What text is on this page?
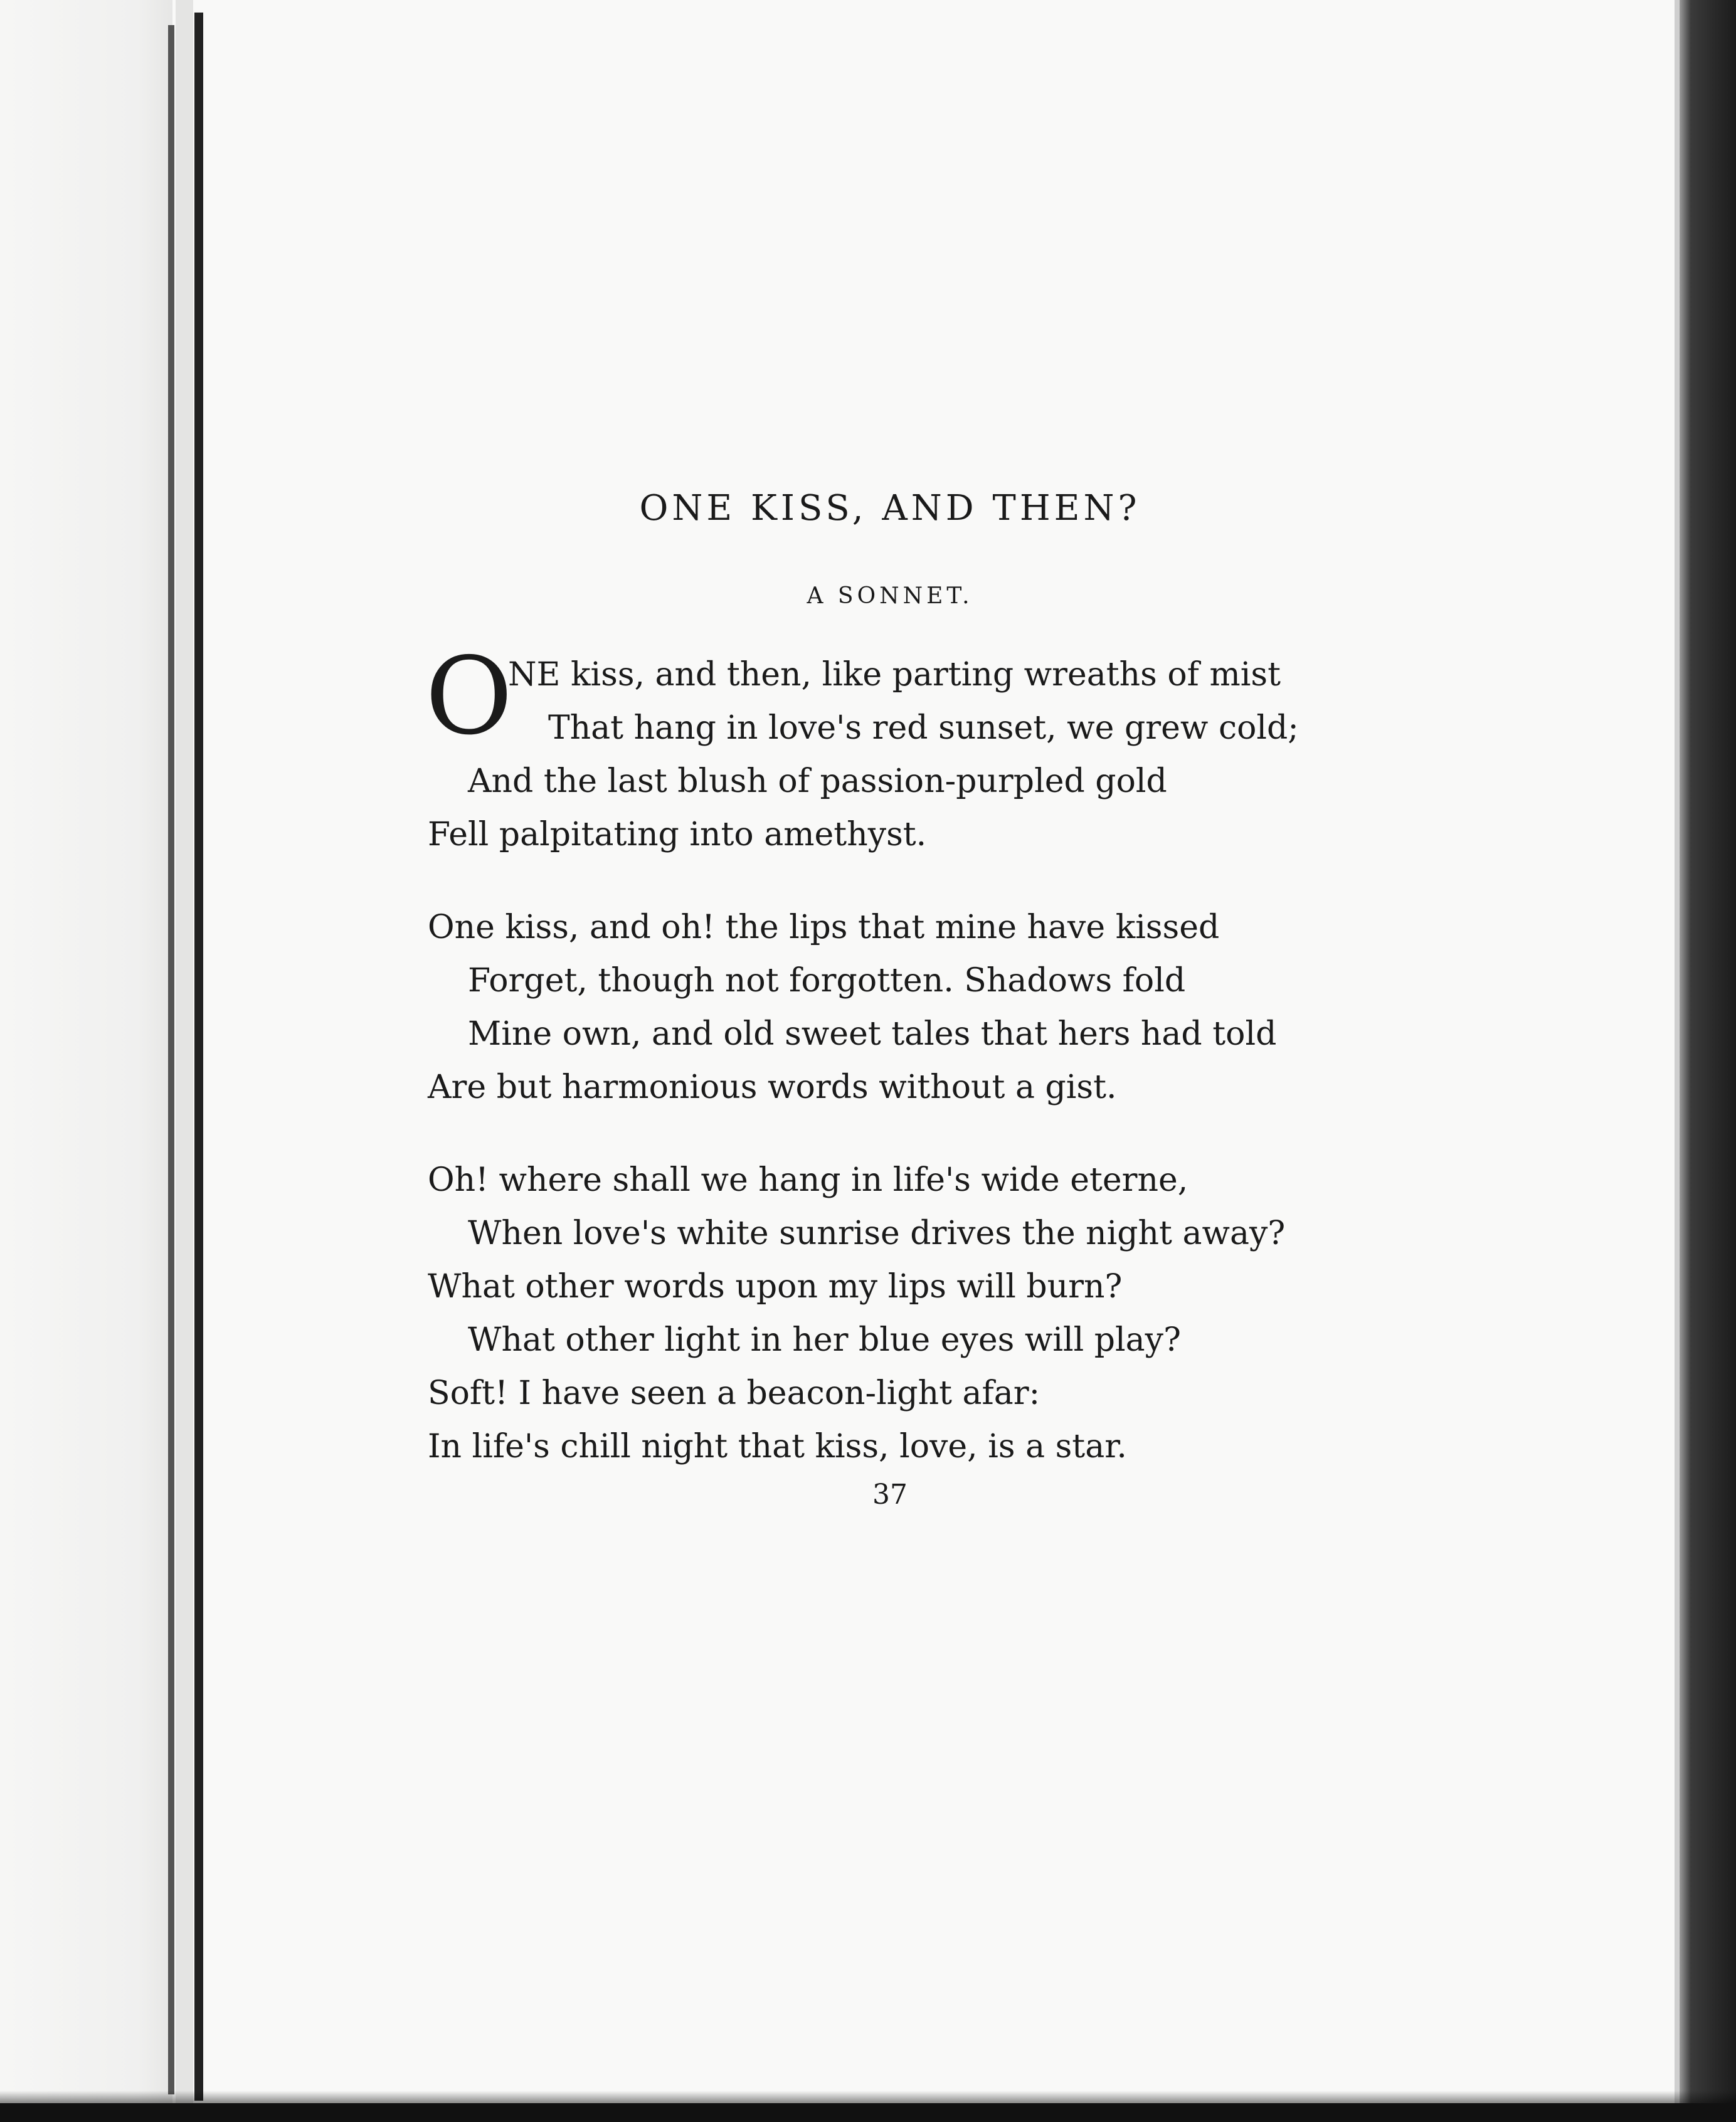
ONE KISS, AND THEN?
A SONNET.
O
NE kiss, and then, like parting wreaths of mist
That hang in love's red sunset, we grew cold;
And the last blush of passion-purpled gold
Fell palpitating into amethyst.
One kiss, and oh! the lips that mine have kissed
Forget, though not forgotten. Shadows fold
Mine own, and old sweet tales that hers had told
Are but harmonious words without a gist.
Oh! where shall we hang in life's wide eterne,
When love's white sunrise drives the night away?
What other words upon my lips will burn?
What other light in her blue eyes will play?
Soft! I have seen a beacon-light afar:
In life's chill night that kiss, love, is a star.
37
